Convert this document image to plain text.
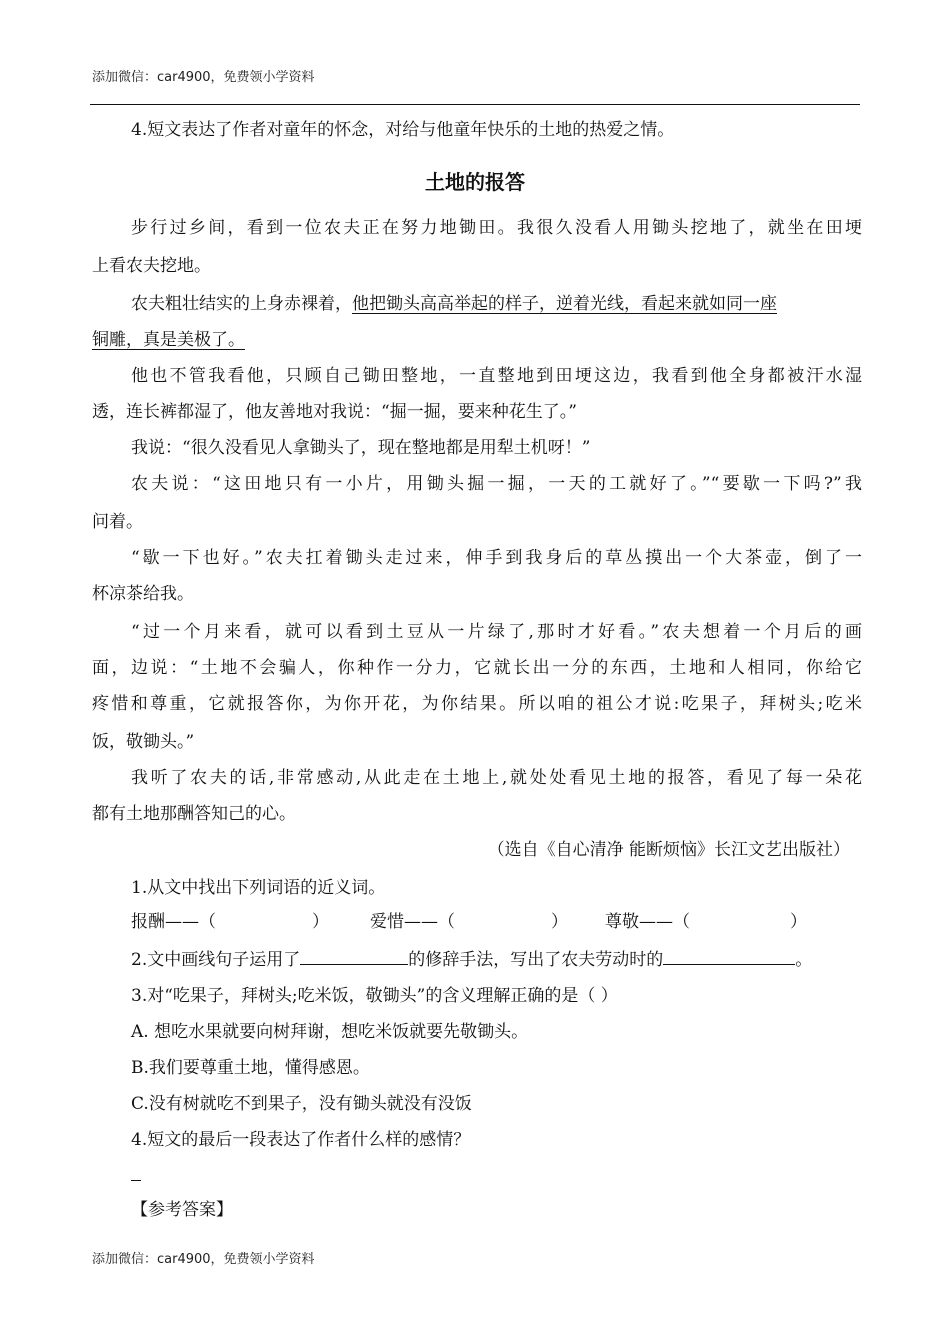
添加微信：car4900，免费领小学资料
4.短文表达了作者对童年的怀念，对给与他童年快乐的土地的热爱之情。
土地的报答
步行过乡间，看到一位农夫正在努力地锄田。我很久没看人用锄头挖地了，就坐在田埂
上看农夫挖地。
农夫粗壮结实的上身赤裸着，他把锄头高高举起的样子，逆着光线，看起来就如同一座
铜雕，真是美极了。
他也不管我看他，只顾自己锄田整地，一直整地到田埂这边，我看到他全身都被汗水湿
透，连长裤都湿了，他友善地对我说：“掘一掘，要来种花生了。”
我说：“很久没看见人拿锄头了，现在整地都是用犁土机呀！”
农夫说：“这田地只有一小片，用锄头掘一掘，一天的工就好了。”“要歇一下吗?”我
问着。
“歇一下也好。”农夫扛着锄头走过来，伸手到我身后的草丛摸出一个大茶壶，倒了一
杯凉茶给我。
“过一个月来看，就可以看到土豆从一片绿了,那时才好看。”农夫想着一个月后的画
面，边说：“土地不会骗人，你种作一分力，它就长出一分的东西，土地和人相同，你给它
疼惜和尊重，它就报答你，为你开花，为你结果。所以咱的祖公才说:吃果子，拜树头;吃米
饭，敬锄头。”
我听了农夫的话,非常感动,从此走在土地上,就处处看见土地的报答，看见了每一朵花
都有土地那酬答知己的心。
（选自《自心清净 能断烦恼》长江文艺出版社）
1.从文中找出下列词语的近义词。
报酬——（	） 爱惜——（	） 尊敬——（	）
2.文中画线句子运用了	的修辞手法，写出了农夫劳动时的	。
3.对“吃果子，拜树头;吃米饭，敬锄头”的含义理解正确的是（ ）
A. 想吃水果就要向树拜谢，想吃米饭就要先敬锄头。
B.我们要尊重土地，懂得感恩。
C.没有树就吃不到果子，没有锄头就没有没饭
4.短文的最后一段表达了作者什么样的感情？
【参考答案】
添加微信：car4900，免费领小学资料
